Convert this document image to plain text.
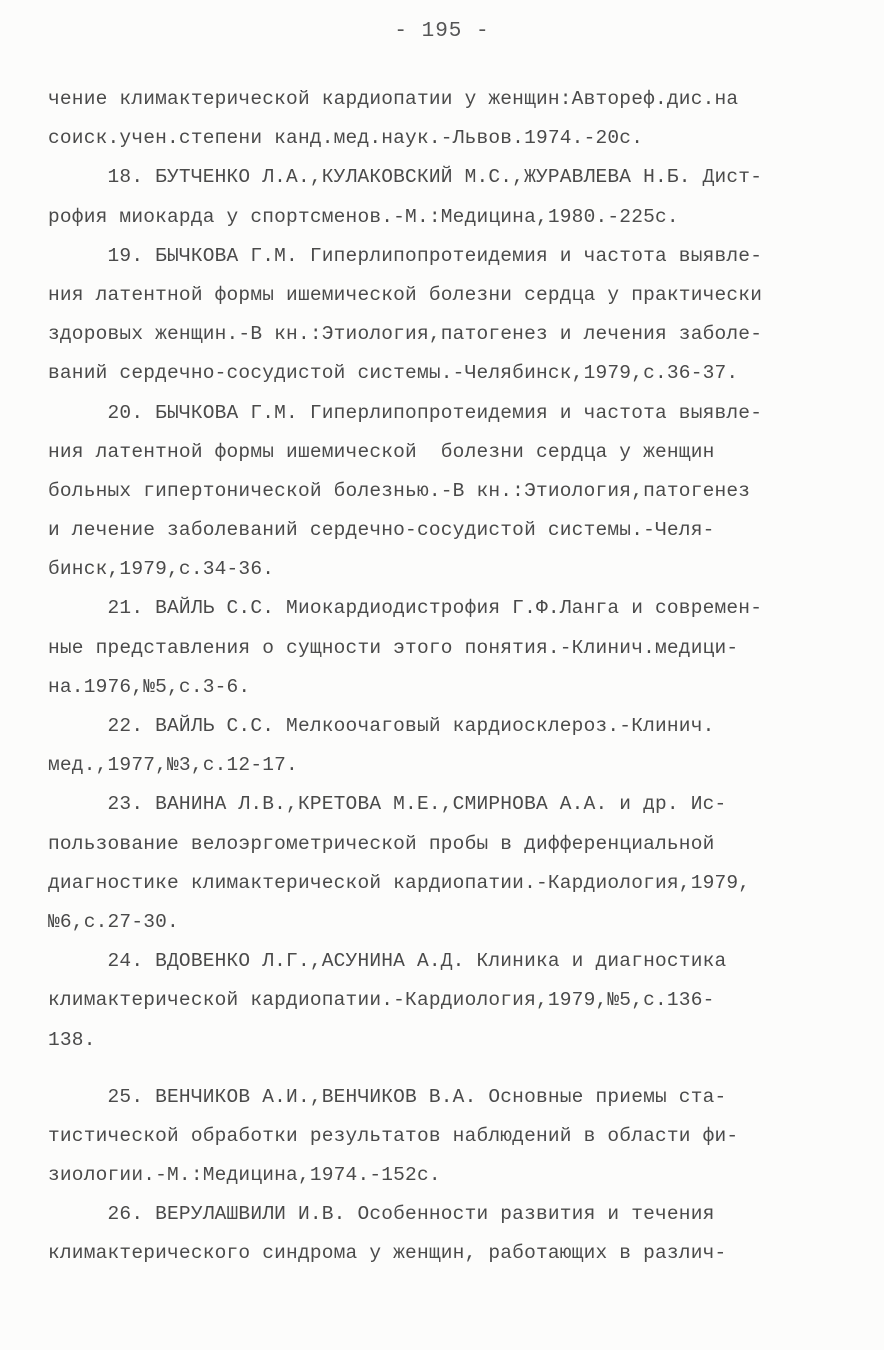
- 195 -
чение климактерической кардиопатии у женщин:Автореф.дис.на
соиск.учен.степени канд.мед.наук.-Львов.1974.-20с.
18. БУТЧЕНКО Л.А.,КУЛАКОВСКИЙ М.С.,ЖУРАВЛЕВА Н.Б. Дист-
рофия миокарда у спортсменов.-М.:Медицина,1980.-225с.
19. БЫЧКОВА Г.М. Гиперлипопротеидемия и частота выявле-
ния латентной формы ишемической болезни сердца у практически
здоровых женщин.-В кн.:Этиология,патогенез и лечения заболе-
ваний сердечно-сосудистой системы.-Челябинск,1979,с.36-37.
20. БЫЧКОВА Г.М. Гиперлипопротеидемия и частота выявле-
ния латентной формы ишемической  болезни сердца у женщин
больных гипертонической болезнью.-В кн.:Этиология,патогенез
и лечение заболеваний сердечно-сосудистой системы.-Челя-
бинск,1979,с.34-36.
21. ВАЙЛЬ С.С. Миокардиодистрофия Г.Ф.Ланга и современ-
ные представления о сущности этого понятия.-Клинич.медици-
на.1976,№5,с.3-6.
22. ВАЙЛЬ С.С. Мелкоочаговый кардиосклероз.-Клинич.
мед.,1977,№3,с.12-17.
23. ВАНИНА Л.В.,КРЕТОВА М.Е.,СМИРНОВА А.А. и др. Ис-
пользование велоэргометрической пробы в дифференциальной
диагностике климактерической кардиопатии.-Кардиология,1979,
№6,с.27-30.
24. ВДОВЕНКО Л.Г.,АСУНИНА А.Д. Клиника и диагностика
климактерической кардиопатии.-Кардиология,1979,№5,с.136-
138.
25. ВЕНЧИКОВ А.И.,ВЕНЧИКОВ В.А. Основные приемы ста-
тистической обработки результатов наблюдений в области фи-
зиологии.-М.:Медицина,1974.-152с.
26. ВЕРУЛАШВИЛИ И.В. Особенности развития и течения
климактерического синдрома у женщин, работающих в различ-
